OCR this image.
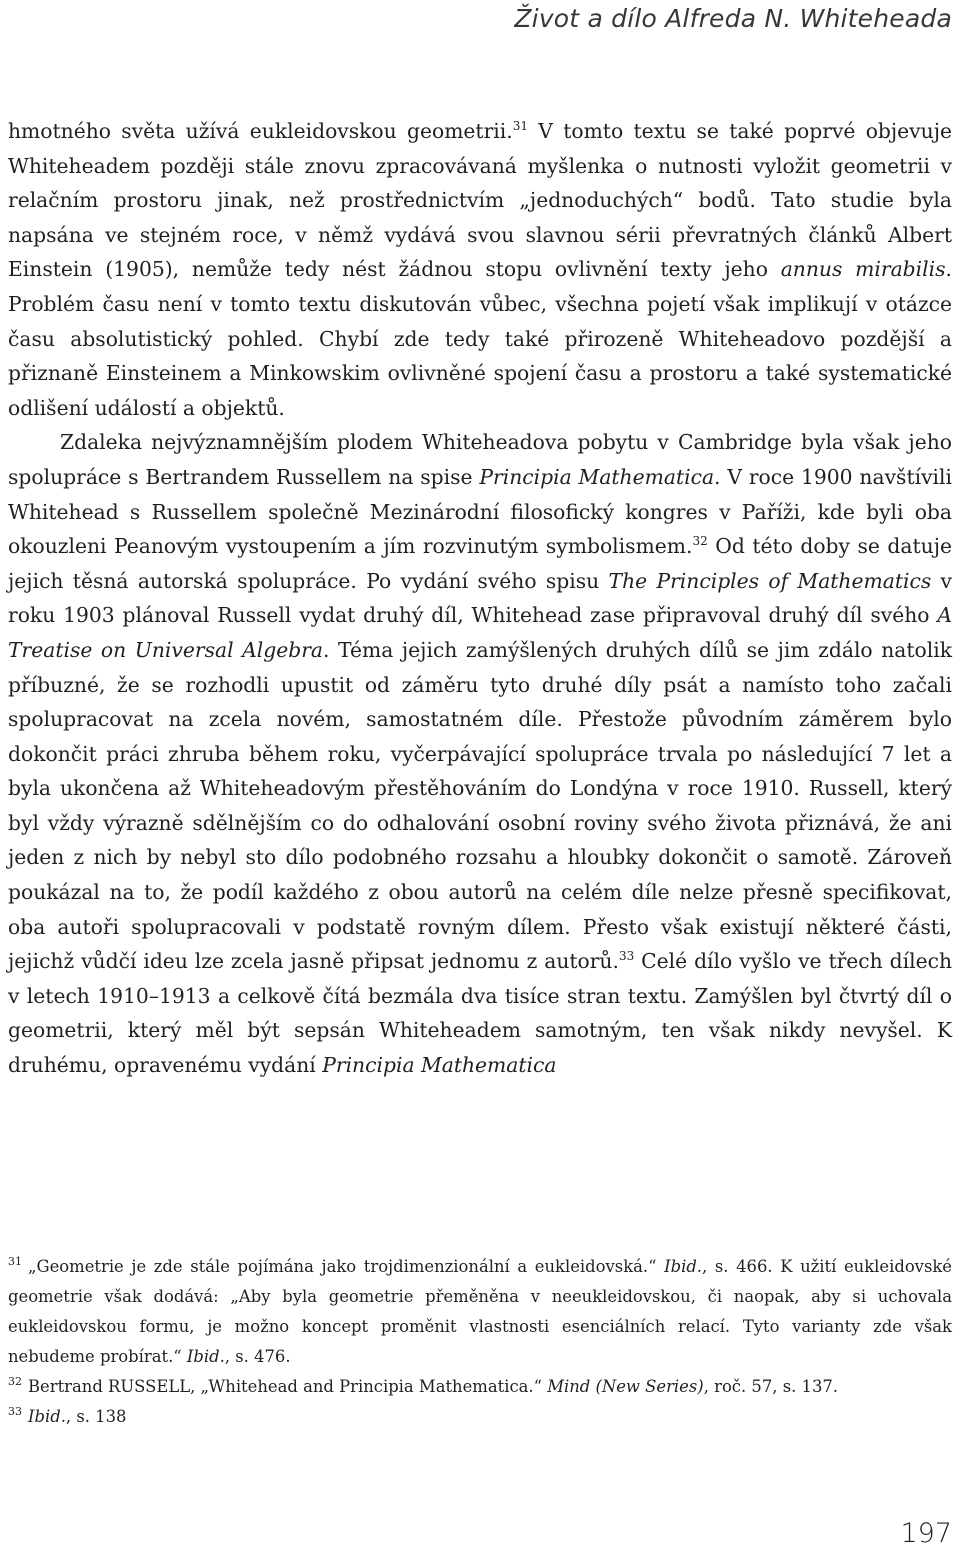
Život a dílo Alfreda N. Whiteheada

hmotného světa užívá eukleidovskou geometrii.$^{31}$ V tomto textu se také poprvé objevuje Whiteheadem později stále znovu zpracovávaná myšlenka o nutnosti vyložit geometrii v relačním prostoru jinak, než prostřednictvím „jednoduchých“ bodů. Tato studie byla napsána ve stejném roce, v němž vydává svou slavnou sérii převratných článků Albert Einstein (1905), nemůže tedy nést žádnou stopu ovlivnění texty jeho annus mirabilis. Problém času není v tomto textu diskutován vůbec, všechna pojetí však implikují v otázce času absolutistický pohled. Chybí zde tedy také přirozeně Whiteheadovo pozdější a přiznaně Einsteinem a Minkowskim ovlivněné spojení času a prostoru a také systematické odlišení událostí a objektů.

Zdaleka nejvýznamnějším plodem Whiteheadova pobytu v Cambridge byla však jeho spolupráce s Bertrandem Russellem na spise Principia Mathematica. V roce 1900 navštívili Whitehead s Russellem společně Mezinárodní filosofický kongres v Paříži, kde byli oba okouzleni Peanovým vystoupením a jím rozvinutým symbolismem.$^{32}$ Od této doby se datuje jejich těsná autorská spolupráce. Po vydání svého spisu The Principles of Mathematics v roku 1903 plánoval Russell vydat druhý díl, Whitehead zase připravoval druhý díl svého A Treatise on Universal Algebra. Téma jejich zamýšlených druhých dílů se jim zdálo natolik příbuzné, že se rozhodli upustit od záměru tyto druhé díly psát a namísto toho začali spolupracovat na zcela novém, samostatném díle. Přestože původním záměrem bylo dokončit práci zhruba během roku, vyčerpávající spolupráce trvala po následující 7 let a byla ukončena až Whiteheadovým přestěhováním do Londýna v roce 1910. Russell, který byl vždy výrazně sdělnějším co do odhalování osobní roviny svého života přiznává, že ani jeden z nich by nebyl sto dílo podobného rozsahu a hloubky dokončit o samotě. Zároveň poukázal na to, že podíl každého z obou autorů na celém díle nelze přesně specifikovat, oba autoři spolupracovali v podstatě rovným dílem. Přesto však existují některé části, jejichž vůdčí ideu lze zcela jasně připsat jednomu z autorů.$^{33}$ Celé dílo vyšlo ve třech dílech v letech 1910–1913 a celkově čítá bezmála dva tisíce stran textu. Zamýšlen byl čtvrtý díl o geometrii, který měl být sepsán Whiteheadem samotným, ten však nikdy nevyšel. K druhému, opravenému vydání Principia Mathematica

$^{31}$ „Geometrie je zde stále pojímána jako trojdimenzionální a eukleidovská.“ Ibid., s. 466. K užití eukleidovské geometrie však dodává: „Aby byla geometrie přeměněna v neeukleidovskou, či naopak, aby si uchovala eukleidovskou formu, je možno koncept proměnit vlastnosti esenciálních relací. Tyto varianty zde však nebudeme probírat.“ Ibid., s. 476.

$^{32}$ Bertrand RUSSELL, „Whitehead and Principia Mathematica.“ Mind (New Series), roč. 57, s. 137.

$^{33}$ Ibid., s. 138

197
